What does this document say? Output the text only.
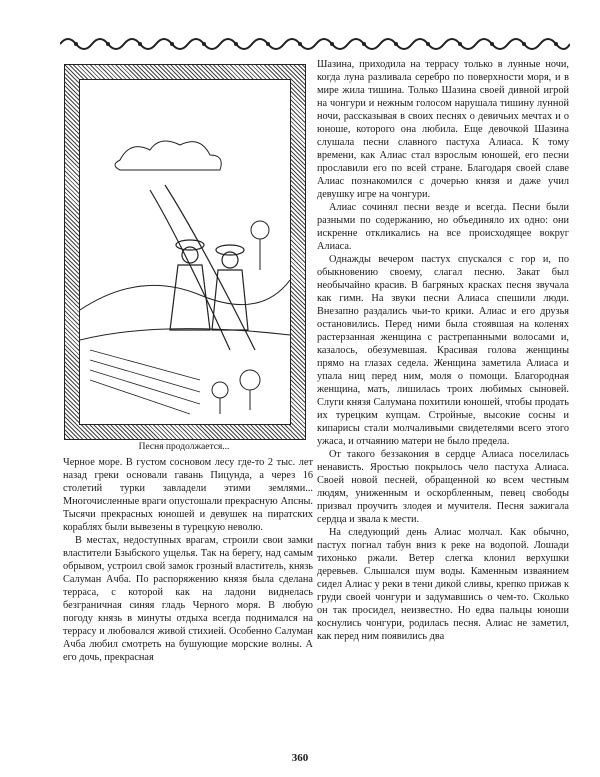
Песня продолжается...

Черное море. В густом сосновом лесу где-то 2 тыс. лет назад греки основали гавань Пицунда, а через 16 столетий турки завладели этими землями... Многочисленные враги опустошали прекрасную Апсны. Тысячи прекрасных юношей и девушек на пиратских кораблях были вывезены в турецкую неволю.

В местах, недоступных врагам, строили свои замки властители Бзыбского ущелья. Так на берегу, над самым обрывом, устроил свой замок грозный властитель, князь Салуман Ачба. По распоряжению князя была сделана терраса, с которой как на ладони виднелась безграничная синяя гладь Черного моря. В любую погоду князь в минуты отдыха всегда поднимался на террасу и любовался живой стихией. Особенно Салуман Ачба любил смотреть на бушующие морские волны. А его дочь, прекрасная

Шазина, приходила на террасу только в лунные ночи, когда луна разливала серебро по поверхности моря, и в мире жила тишина. Только Шазина своей дивной игрой на чонгури и нежным голосом нарушала тишину лунной ночи, рассказывая в своих песнях о девичьих мечтах и о юноше, которого она любила. Еще девочкой Шазина слушала песни славного пастуха Алиаса. К тому времени, как Алиас стал взрослым юношей, его песни прославили его по всей стране. Благодаря своей славе Алиас познакомился с дочерью князя и даже учил девушку игре на чонгури.

Алиас сочинял песни везде и всегда. Песни были разными по содержанию, но объединяло их одно: они искренне откликались на все происходящее вокруг Алиаса.

Однажды вечером пастух спускался с гор и, по обыкновению своему, слагал песню. Закат был необычайно красив. В багряных красках песня звучала как гимн. На звуки песни Алиаса спешили люди. Внезапно раздались чьи-то крики. Алиас и его друзья остановились. Перед ними была стоявшая на коленях растерзанная женщина с растрепанными волосами и, казалось, обезумевшая. Красивая голова женщины прямо на глазах седела. Женщина заметила Алиаса и упала ниц перед ним, моля о помощи. Благородная женщина, мать, лишилась троих любимых сыновей. Слуги князя Салумана похитили юношей, чтобы продать их турецким купцам. Стройные, высокие сосны и кипарисы стали молчаливыми свидетелями всего этого ужаса, и отчаянию матери не было предела.

От такого беззакония в сердце Алиаса поселилась ненависть. Яростью покрылось чело пастуха Алиаса. Своей новой песней, обращенной ко всем честным людям, униженным и оскорбленным, певец свободы призвал проучить злодея и мучителя. Песня зажигала сердца и звала к мести.

На следующий день Алиас молчал. Как обычно, пастух погнал табун вниз к реке на водопой. Лошади тихонько ржали. Ветер слегка клонил верхушки деревьев. Слышался шум воды. Каменным изваянием сидел Алиас у реки в тени дикой сливы, крепко прижав к груди своей чонгури и задумавшись о чем-то. Сколько он так просидел, неизвестно. Но едва пальцы юноши коснулись чонгури, родилась песня. Алиас не заметил, как перед ним появились два

360
